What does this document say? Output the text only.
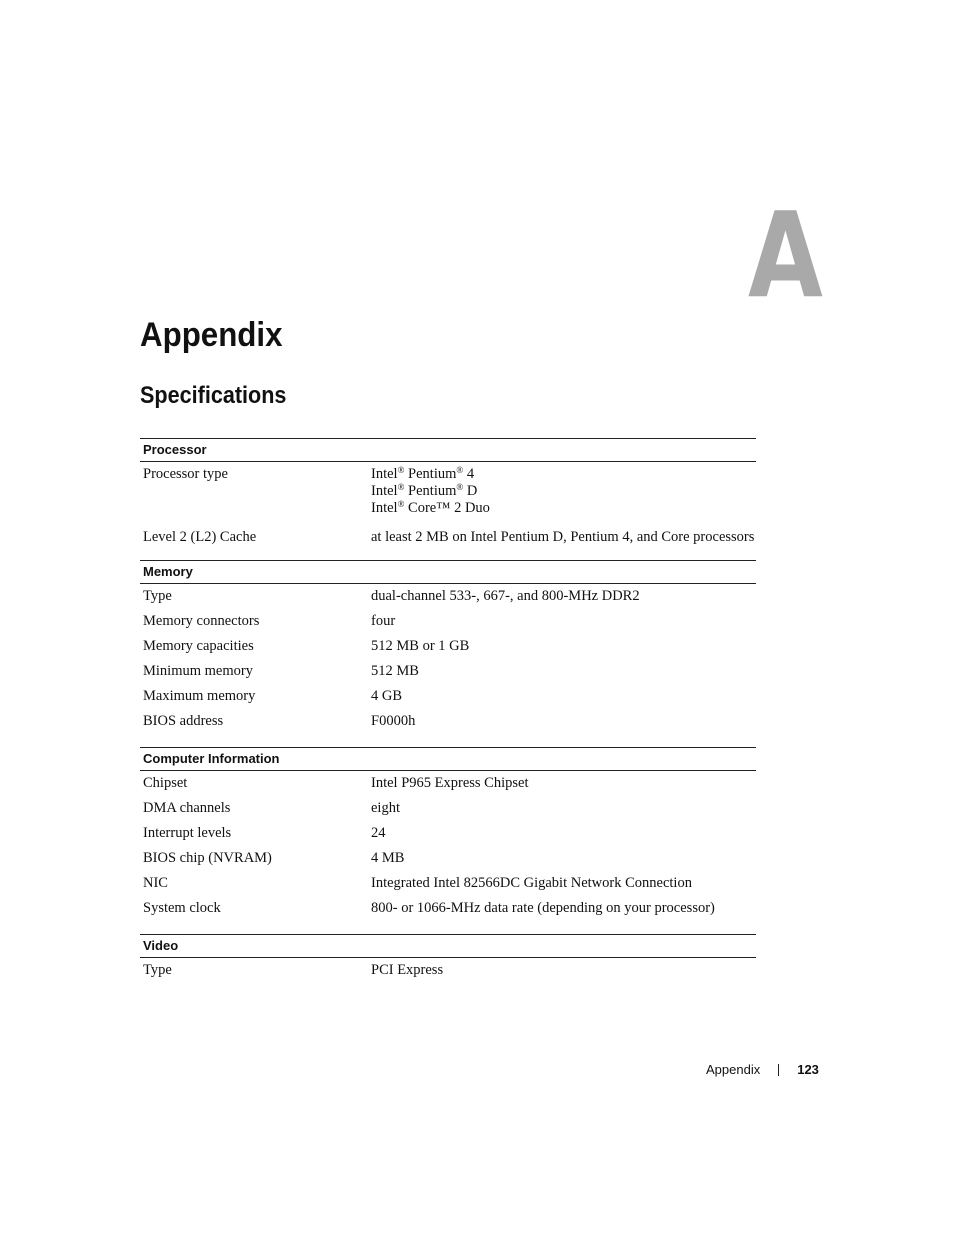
A
Appendix
Specifications
Processor
Processor type	Intel® Pentium® 4
Intel® Pentium® D
Intel® Core™ 2 Duo
Level 2 (L2) Cache	at least 2 MB on Intel Pentium D, Pentium 4, and Core processors
Memory
Type	dual-channel 533-, 667-, and 800-MHz DDR2
Memory connectors	four
Memory capacities	512 MB or 1 GB
Minimum memory	512 MB
Maximum memory	4 GB
BIOS address	F0000h
Computer Information
Chipset	Intel P965 Express Chipset
DMA channels	eight
Interrupt levels	24
BIOS chip (NVRAM)	4 MB
NIC	Integrated Intel 82566DC Gigabit Network Connection
System clock	800- or 1066-MHz data rate (depending on your processor)
Video
Type	PCI Express
Appendix	123
